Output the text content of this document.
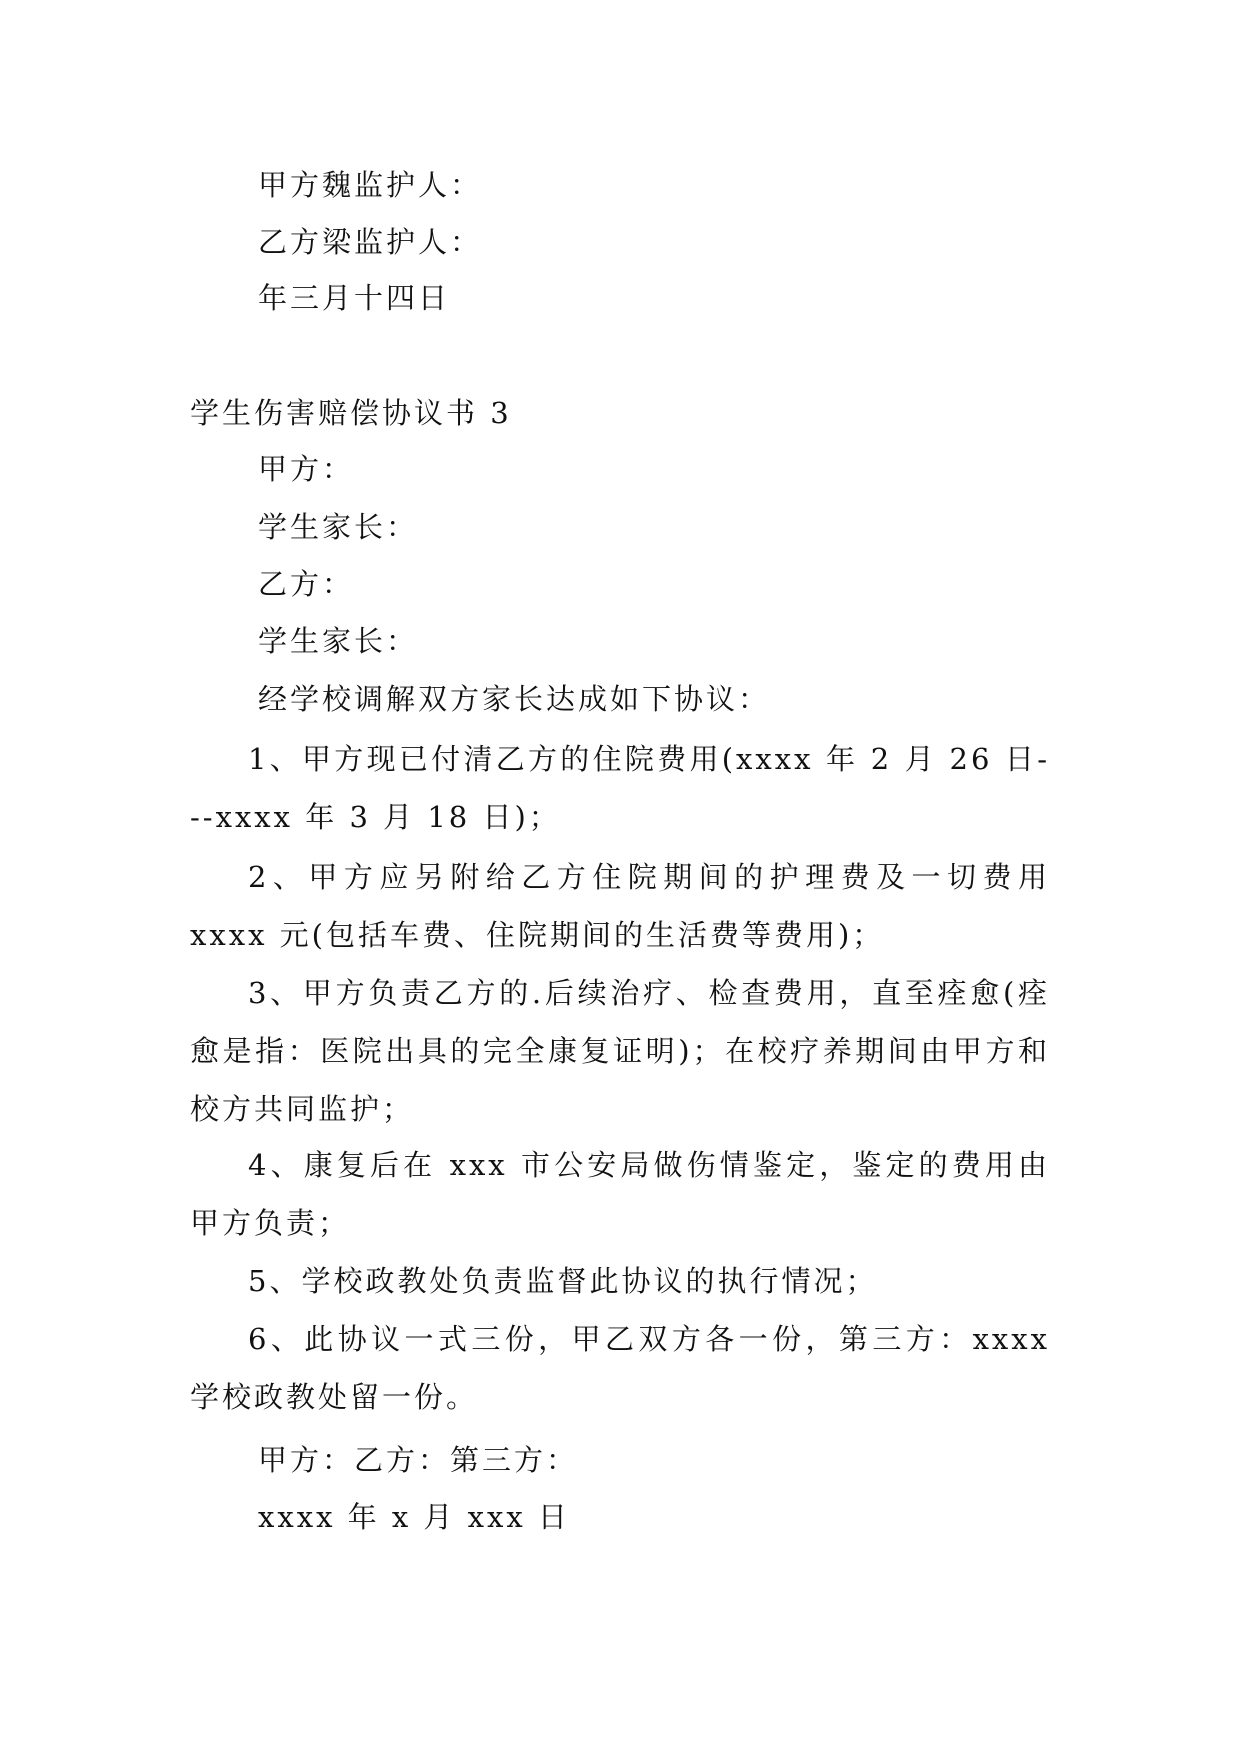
甲方魏监护人：

乙方梁监护人：

年三月十四日

学生伤害赔偿协议书 3

甲方：

学生家长：

乙方：

学生家长：

经学校调解双方家长达成如下协议：

1、甲方现已付清乙方的住院费用(xxxx 年 2 月 26 日---xxxx 年 3 月 18 日)；

2、甲方应另附给乙方住院期间的护理费及一切费用 xxxx 元(包括车费、住院期间的生活费等费用)；

3、甲方负责乙方的.后续治疗、检查费用，直至痊愈(痊愈是指：医院出具的完全康复证明)；在校疗养期间由甲方和校方共同监护；

4、康复后在 xxx 市公安局做伤情鉴定，鉴定的费用由甲方负责；

5、学校政教处负责监督此协议的执行情况；

6、此协议一式三份，甲乙双方各一份，第三方：xxxx 学校政教处留一份。

甲方：乙方：第三方：

xxxx 年 x 月 xxx 日
